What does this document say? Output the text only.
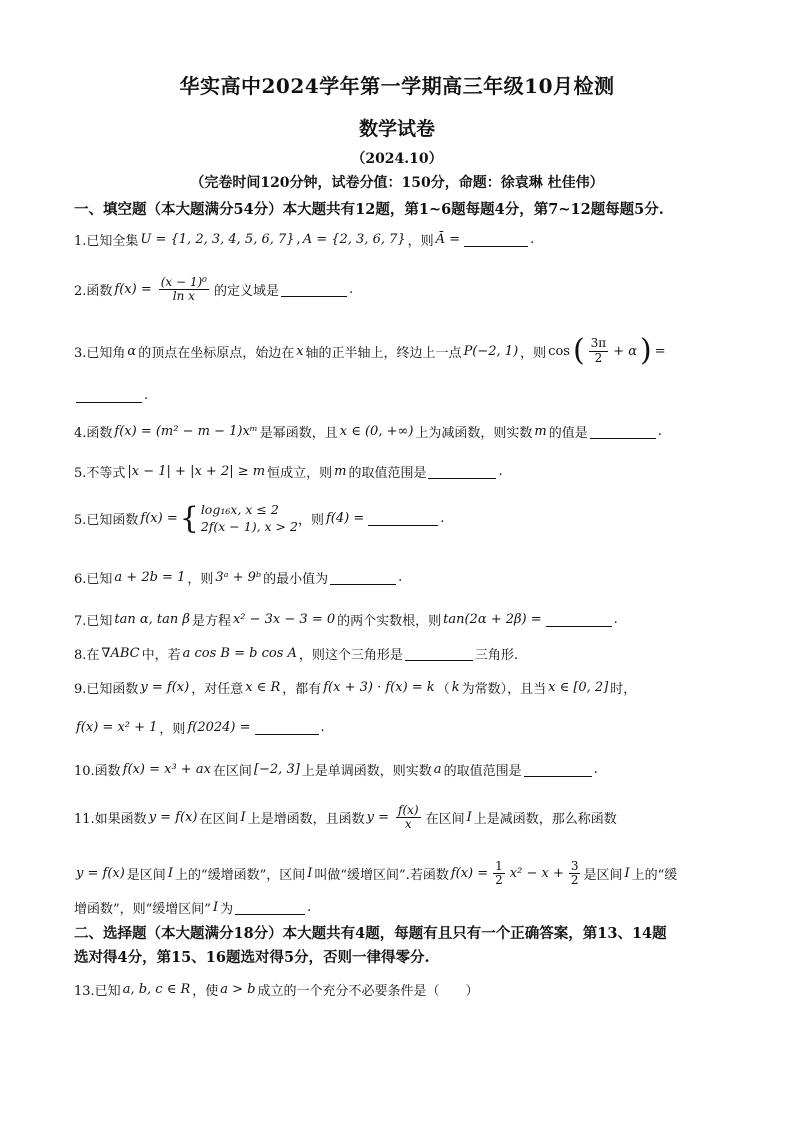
华实高中2024学年第一学期高三年级10月检测
数学试卷
（2024.10）
（完卷时间120分钟，试卷分值：150分，命题：徐袁琳 杜佳伟）
一、填空题（本大题满分54分）本大题共有12题，第1~6题每题4分，第7~12题每题5分.
1.已知全集 U = {1, 2, 3, 4, 5, 6, 7} , A = {2, 3, 6, 7} ，则 Ā =	.
2.函数 $f(x) = \frac{\text{(x − 1)⁰}}{\text{ln x}}$ 的定义域是	.
3.已知角 α 的顶点在坐标原点，始边在 x 轴的正半轴上，终边上一点 P(−2, 1) ，则 cos ( $\frac{3\pi}{2} + \alpha$ ) =
.
4.函数 f(x) = (m² − m − 1)xᵐ 是幂函数，且 x ∈ (0, +∞) 上为减函数，则实数 m 的值是	.
5.不等式 |x − 1| + |x + 2| ≥ m 恒成立，则 m 的取值范围是	.
5.已知函数 f(x) = { log₁₆x, x ≤ 2
2f(x − 1), x > 2 ，则 f(4) =	.
6.已知 a + 2b = 1 ，则 3ᵃ + 9ᵇ 的最小值为	.
7.已知 tan α, tan β 是方程 x² − 3x − 3 = 0 的两个实数根，则 tan(2α + 2β) =	.
8.在 ∇ABC 中，若 a cos B = b cos A ，则这个三角形是	三角形.
9.已知函数 y = f(x) ，对任意 x ∈ R ，都有 f(x + 3) · f(x) = k （ k 为常数），且当 x ∈ [0, 2] 时，
f(x) = x² + 1 ，则 f(2024) =	.
10.函数 f(x) = x³ + ax 在区间 [−2, 3] 上是单调函数，则实数 a 的取值范围是	.
11.如果函数 y = f(x) 在区间 I 上是增函数，且函数 $y = \frac{f(x)}{x}$ 在区间 I 上是减函数，那么称函数
y = f(x) 是区间 I 上的“缓增函数”，区间 I 叫做“缓增区间”.若函数 $f(x) = \frac{1}{2} x^2 - x + \frac{3}{2}$ 是区间 I 上的“缓
增函数”，则“缓增区间” I 为	.
二、选择题（本大题满分18分）本大题共有4题，每题有且只有一个正确答案，第13、14题
选对得4分，第15、16题选对得5分，否则一律得零分.
13.已知 a, b, c ∈ R ，使 a > b 成立的一个充分不必要条件是（　　）
